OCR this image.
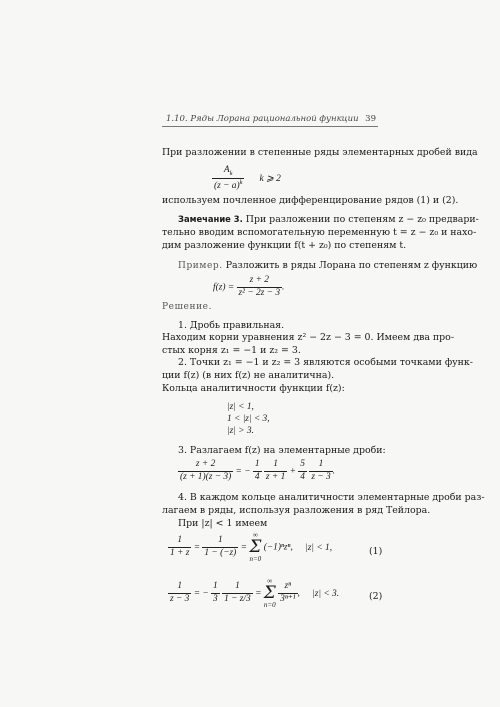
1.10. Ряды Лорана рациональной функции 39
При разложении в степенные ряды элементарных дробей вида
$\frac{A_k}{(z - a)^k}$ k ⩾ 2
используем почленное дифференцирование рядов (1) и (2).
Замечание 3. При разложении по степеням z − z₀ предвари-
тельно вводим вспомогательную переменную t = z − z₀ и нахо-
дим разложение функции f(t + z₀) по степеням t.
Пример. Разложить в ряды Лорана по степеням z функцию
$f(z) = \frac{z + 2}{\text{z² − 2z − 3}}$ .
Решение.
1. Дробь правильная.
Находим корни уравнения z² − 2z − 3 = 0. Имеем два про-
стых корня z₁ = −1 и z₂ = 3.
2. Точки z₁ = −1 и z₂ = 3 являются особыми точками функ-
ции f(z) (в них f(z) не аналитична).
Кольца аналитичности функции f(z):
|z| < 1,
1 < |z| < 3,
|z| > 3.
3. Разлагаем f(z) на элементарные дроби:
$\frac{z + 2}{(z + 1)(z - 3)}$ = − $\frac{1}{4}$
$\frac{1}{z + 1} + \frac{5}{4}$
$\frac{1}{z - 3}$ .
4. В каждом кольце аналитичности элементарные дроби раз-
лагаем в ряды, используя разложения в ряд Тейлора.
При |z| < 1 имеем
$\frac{1}{1 + z} = \frac{1}{1 - (-z)}$ = ∞
Σ
n=0 (−1)ⁿzⁿ, |z| < 1,	(1)
$\frac{1}{z - 3}$ = − $\frac{1}{3}$
$\frac{1}{1 - z/3}$ = ∞
Σ
$n=0 \frac{\text{zⁿ}}{\text{3ⁿ⁺¹}}$ , |z| < 3.	(2)
